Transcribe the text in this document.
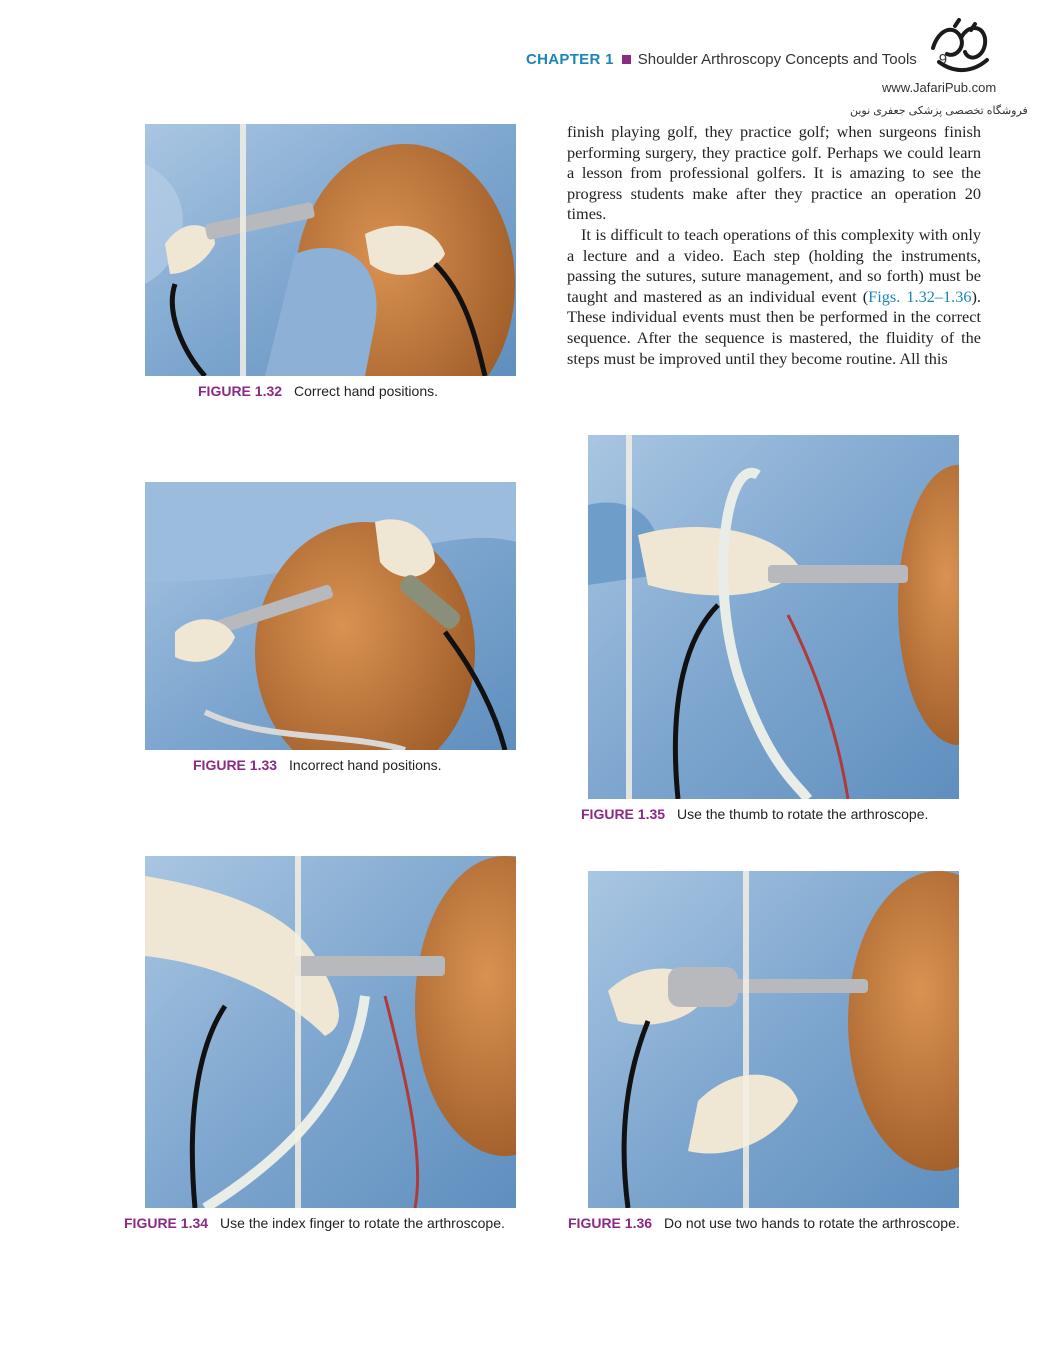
CHAPTER 1 Shoulder Arthroscopy Concepts and Tools 9
www.JafariPub.com
فروشگاه تخصصی پزشکی جعفری نوین

finish playing golf, they practice golf; when surgeons finish performing surgery, they practice golf. Perhaps we could learn a lesson from professional golfers. It is amazing to see the progress students make after they practice an operation 20 times.

It is difficult to teach operations of this complexity with only a lecture and a video. Each step (holding the instruments, passing the sutures, suture management, and so forth) must be taught and mastered as an individual event (Figs. 1.32–1.36). These individual events must then be performed in the correct sequence. After the sequence is mastered, the fluidity of the steps must be improved until they become routine. All this

FIGURE 1.32 Correct hand positions.
FIGURE 1.33 Incorrect hand positions.
FIGURE 1.35 Use the thumb to rotate the arthroscope.
FIGURE 1.34 Use the index finger to rotate the arthroscope.	FIGURE 1.36 Do not use two hands to rotate the arthroscope.
